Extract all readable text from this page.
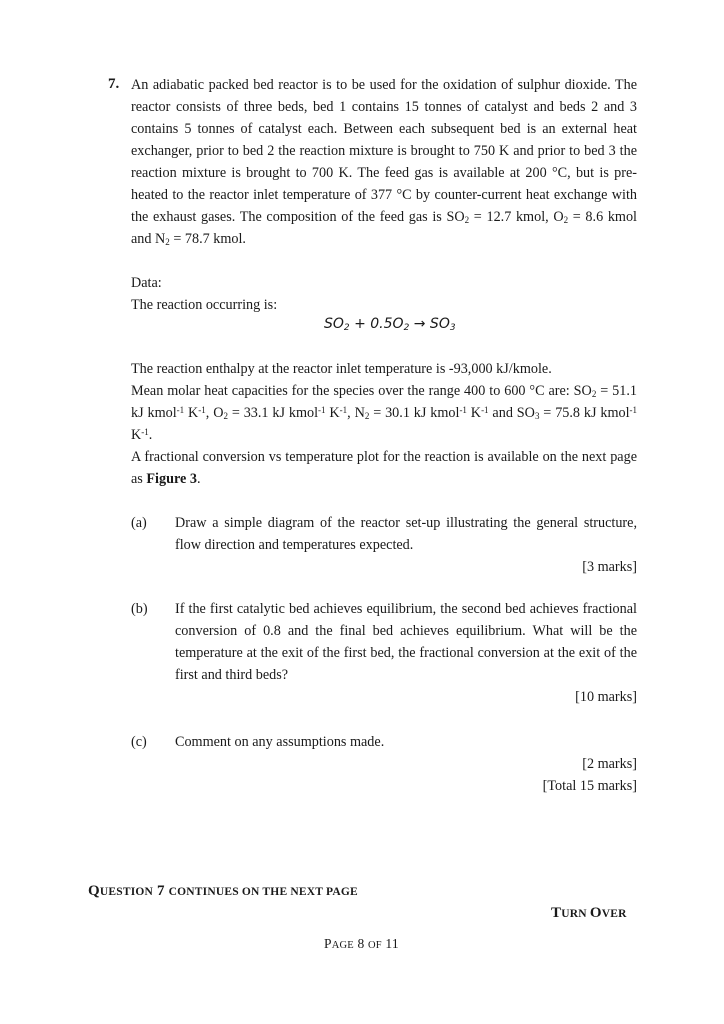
7. An adiabatic packed bed reactor is to be used for the oxidation of sulphur dioxide. The reactor consists of three beds, bed 1 contains 15 tonnes of catalyst and beds 2 and 3 contains 5 tonnes of catalyst each. Between each subsequent bed is an external heat exchanger, prior to bed 2 the reaction mixture is brought to 750 K and prior to bed 3 the reaction mixture is brought to 700 K. The feed gas is available at 200 °C, but is pre-heated to the reactor inlet temperature of 377 °C by counter-current heat exchange with the exhaust gases. The composition of the feed gas is $SO_2 = 12.7$ kmol, $O_2 = 8.6$ kmol and $N_2 = 78.7$ kmol.
Data:
The reaction occurring is:
$SO_2 + 0.5O_2 \to SO_3$
The reaction enthalpy at the reactor inlet temperature is -93,000 kJ/kmole.
Mean molar heat capacities for the species over the range 400 to 600 °C are: $SO_2 = 51.1$ kJ kmol$^{-1}$ $K^{-1}$, $O_2 = 33.1$ kJ kmol$^{-1}$ $K^{-1}$, $N_2 = 30.1$ kJ kmol$^{-1}$ $K^{-1}$ and $SO_3 = 75.8$ kJ kmol$^{-1}$ $K^{-1}$.
A fractional conversion vs temperature plot for the reaction is available on the next page as Figure 3.
(a) Draw a simple diagram of the reactor set-up illustrating the general structure, flow direction and temperatures expected.
[3 marks]
(b) If the first catalytic bed achieves equilibrium, the second bed achieves fractional conversion of 0.8 and the final bed achieves equilibrium. What will be the temperature at the exit of the first bed, the fractional conversion at the exit of the first and third beds?
[10 marks]
(c) Comment on any assumptions made.
[2 marks]
[Total 15 marks]
QUESTION 7 CONTINUES ON THE NEXT PAGE
TURN OVER
PAGE 8 OF 11
